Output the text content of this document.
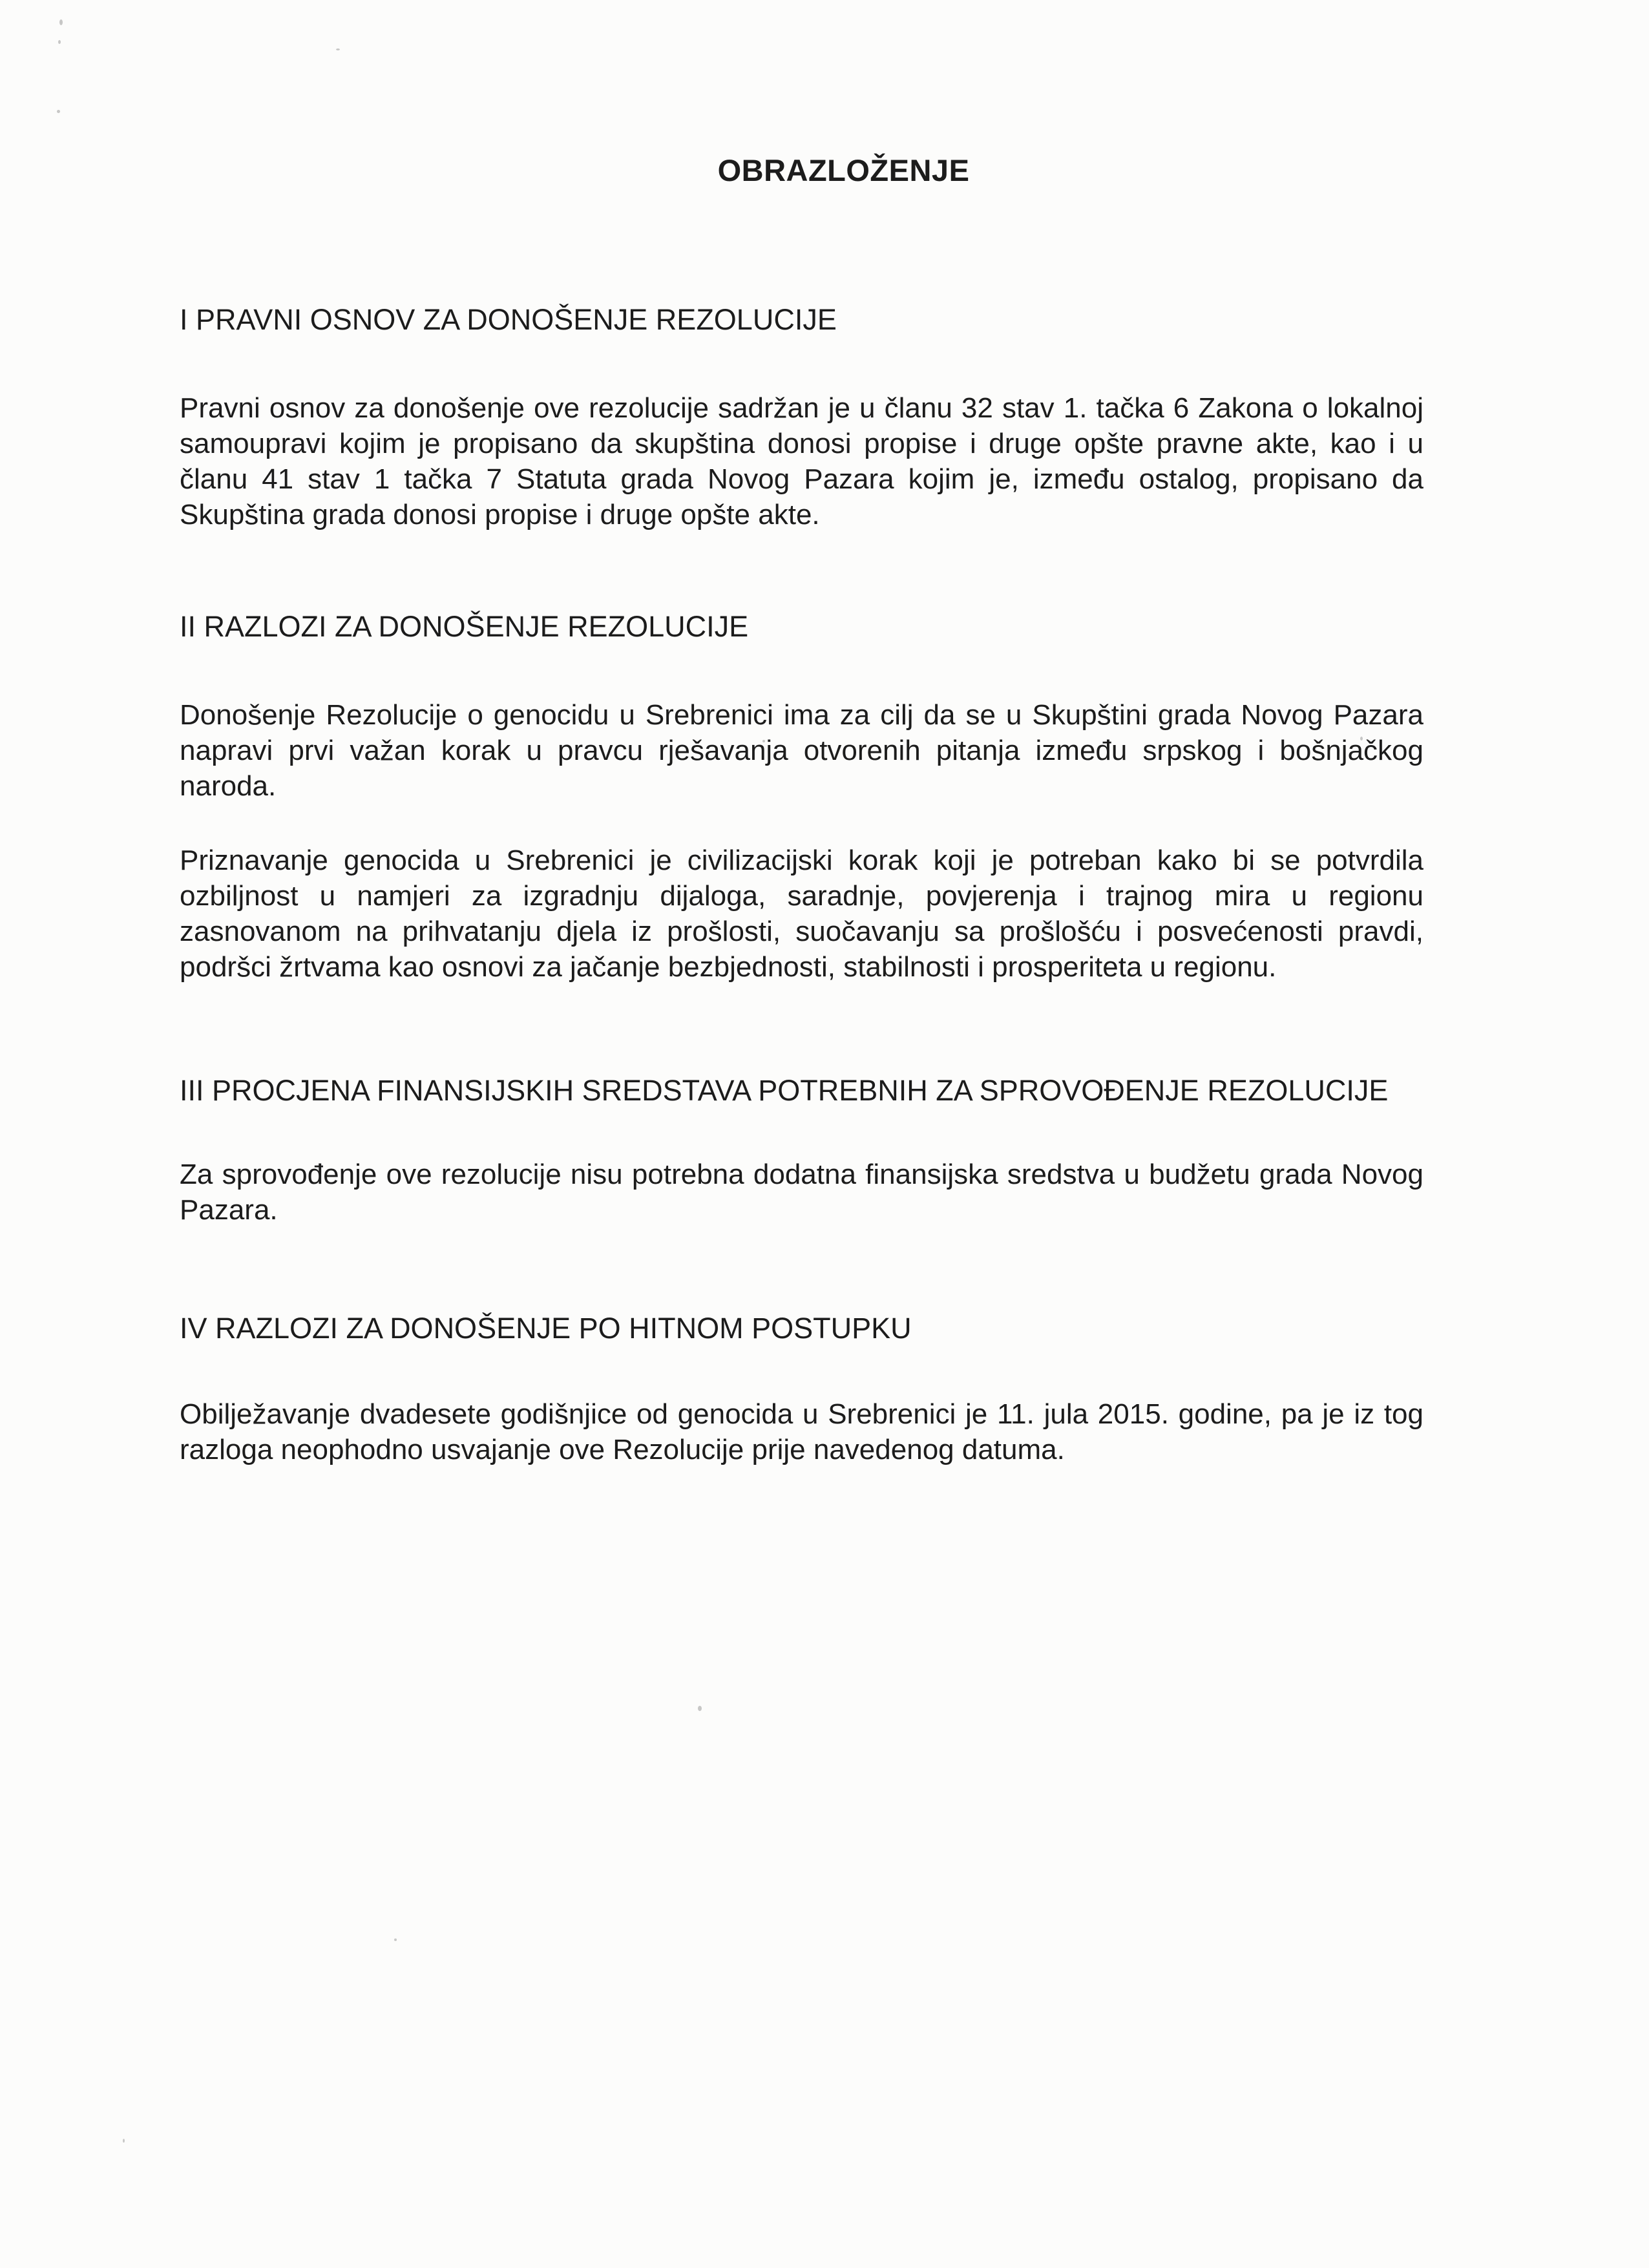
OBRAZLOŽENJE
I PRAVNI OSNOV ZA DONOŠENJE REZOLUCIJE

Pravni osnov za donošenje ove rezolucije sadržan je u članu 32 stav 1. tačka 6 Zakona o lokalnoj samoupravi kojim je propisano da skupština donosi propise i druge opšte pravne akte, kao i u članu 41 stav 1 tačka 7 Statuta grada Novog Pazara kojim je, između ostalog, propisano da Skupština grada donosi propise i druge opšte akte.

II RAZLOZI ZA DONOŠENJE REZOLUCIJE

Donošenje Rezolucije o genocidu u Srebrenici ima za cilj da se u Skupštini grada Novog Pazara napravi prvi važan korak u pravcu rješavanja otvorenih pitanja između srpskog i bošnjačkog naroda.

Priznavanje genocida u Srebrenici je civilizacijski korak koji je potreban kako bi se potvrdila ozbiljnost u namjeri za izgradnju dijaloga, saradnje, povjerenja i trajnog mira u regionu zasnovanom na prihvatanju djela iz prošlosti, suočavanju sa prošlošću i posvećenosti pravdi, podršci žrtvama kao osnovi za jačanje bezbjednosti, stabilnosti i prosperiteta u regionu.

III PROCJENA FINANSIJSKIH SREDSTAVA POTREBNIH ZA SPROVOĐENJE REZOLUCIJE

Za sprovođenje ove rezolucije nisu potrebna dodatna finansijska sredstva u budžetu grada Novog Pazara.

IV RAZLOZI ZA DONOŠENJE PO HITNOM POSTUPKU

Obilježavanje dvadesete godišnjice od genocida u Srebrenici je 11. jula 2015. godine, pa je iz tog razloga neophodno usvajanje ove Rezolucije prije navedenog datuma.
